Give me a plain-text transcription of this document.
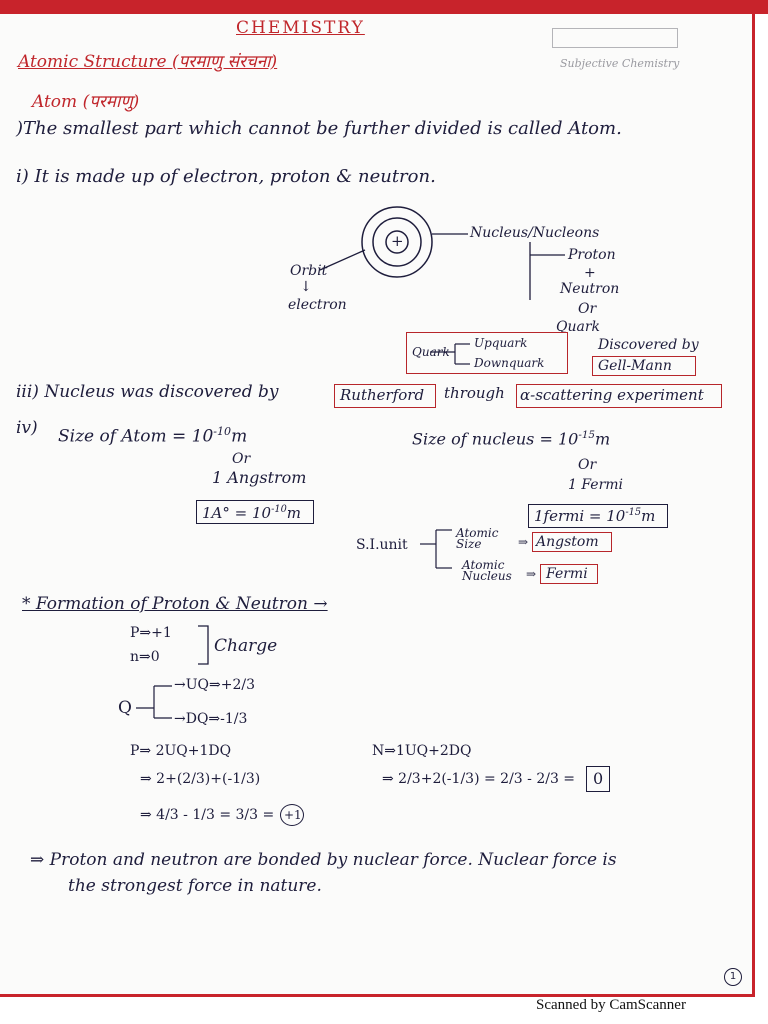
CHEMISTRY
Atomic Structure (परमाणु संरचना)	Subjective Chemistry
Atom (परमाणु)
)The smallest part which cannot be further divided is called Atom.
i) It is made up of electron, proton & neutron.
+	Nucleus/Nucleons
Proton
+
Neutron
Or
Quark
Orbit
↓
electron
Quark
Upquark
Downquark
Discovered by
Gell-Mann
iii) Nucleus was discovered by	Rutherford through α-scattering experiment
iv) Size of Atom = $10^{-10}m$
Or
1 Angstrom
$1A^\circ = 10^{-10}m$
Size of nucleus = $10^{-15}m$
Or
1 Fermi
1fermi = $10^{-15}m$
S.I.unit
Atomic Size	⇒ Angstom
Atomic Nucleus	⇒ Fermi
* Formation of Proton & Neutron →
P⇒+1
n⇒0
Charge
Q
→UQ⇒+2/3
→DQ⇒-1/3
P⇒ 2UQ+1DQ
⇒ 2+(2/3)+(-1/3)
⇒ 4/3 - 1/3 = 3/3 = +1
N⇒1UQ+2DQ
⇒ 2/3+2(-1/3) = 2/3 - 2/3 = 0
⇒ Proton and neutron are bonded by nuclear force. Nuclear force is
the strongest force in nature.
1
Scanned by CamScanner
